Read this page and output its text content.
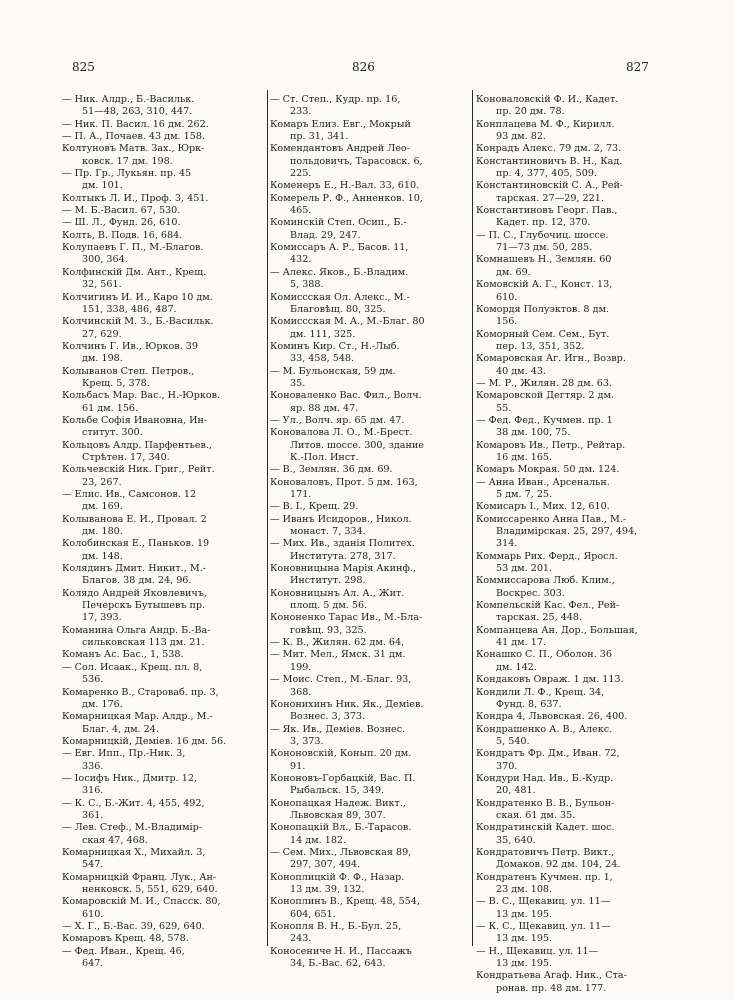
825	826	827
— Ник. Алдр., Б.-Васильк.
51—48, 263, 310, 447.
— Ник. П. Васил. 16 дм. 262.
— П. А., Почаев. 43 дм. 158.
Колтуновъ Матв. Зах., Юрк-
ковск. 17 дм. 198.
— Пр. Гр., Лукьян. пр. 45
дм. 101.
Колтыкъ Л. И., Проф. 3, 451.
— М. Б.-Васил. 67, 530.
— Ш. Л., Фунд. 26, 610.
Колть, В. Подв. 16, 684.
Колупаевъ Г. П., М.-Благов.
300, 364.
Колфинскій Дм. Ант., Крещ.
32, 561.
Колчигинъ И. И., Каро 10 дм.
151, 338, 486, 487.
Колчинскій М. З., Б.-Васильк.
27, 629.
Колчинъ Г. Ив., Юрков. 39
дм. 198.
Колыванов Степ. Петров.,
Крещ. 5, 378.
Кольбасъ Мар. Вас., Н.-Юрков.
61 дм. 156.
Кольбе Софія Ивановна, Ин-
ститут. 300.
Кольцовъ Алдр. Парфентьев.,
Стрѣтен. 17, 340.
Кольчевскій Ник. Григ., Рейт.
23, 267.
— Елис. Ив., Самсонов. 12
дм. 169.
Колыванова Е. И., Провал. 2
дм. 180.
Колобинская Е., Паньков. 19
дм. 148.
Колядинъ Дмит. Никит., М.-
Благов. 38 дм. 24, 96.
Колядо Андрей Яковлевичъ,
Печерскъ Бутышевъ пр.
17, 393.
Команина Ольга Андр. Б.-Ва-
сильковская 113 дм. 21.
Команъ Ас. Бас., 1, 538.
— Сол. Исаак., Крещ. пл. 8,
536.
Комаренко В., Староваб. пр. 3,
дм. 176.
Комарницкая Мар. Алдр., М.-
Благ. 4, дм. 24.
Комарницкій, Деміев. 16 дм. 56.
— Евг. Ипп., Пр.-Ник. 3,
336.
— Іосифъ Ник., Дмитр. 12,
316.
— К. С., Б.-Жит. 4, 455, 492,
361.
— Лев. Стеф., М.-Владимір-
ская 47, 468.
Комарницкая Х., Михайл. 3,
547.
Комарницкій Франц. Лук., Ан-
ненковск. 5, 551, 629, 640.
Комаровскій М. И., Спасск. 80,
610.
— Х. Г., Б.-Вас. 39, 629, 640.
Комаровъ Крещ. 48, 578.
— Фед. Иван., Крещ. 46,
647.
— Ст. Степ., Кудр. пр. 16,
233.
Комаръ Елиз. Евг., Мокрый
пр. 31, 341.
Комендантовъ Андрей Лео-
польдовичъ, Тарасовск. 6,
225.
Коменеръ Е., Н.-Вал. 33, 610.
Комерель Р. Ф., Анненков. 10,
465.
Коминскій Степ. Осип., Б.-
Влад. 29, 247.
Комиссаръ А. Р., Басов. 11,
432.
— Алекс. Яков., Б.-Владим.
5, 388.
Комиссская Ол. Алекс., М.-
Благовѣщ. 80, 325.
Комиссская М. А., М.-Благ. 80
дм. 111, 325.
Коминъ Кир. Ст., Н.-Лыб.
33, 458, 548.
— М. Бульонская, 59 дм.
35.
Коноваленко Вас. Фил., Волч.
яр. 88 дм. 47.
— Ул., Волч. яр. 65 дм. 47.
Коновалова Л. О., М.-Брест.
Литов. шоссе. 300, здание
К.-Пол. Инст.
— В., Землян. 36 дм. 69.
Коноваловъ, Прот. 5 дм. 163,
171.
— В. І., Крещ. 29.
— Иванъ Исидоров., Никол.
монаст. 7, 334.
— Мих. Ив., зданія Политех.
Института. 278, 317.
Коновницына Марія Акинф.,
Институт. 298.
Коновницынъ Ал. А., Жит.
площ. 5 дм. 56.
Кононенко Тарас Ив., М.-Бла-
говѣщ. 93, 325.
— К. В., Жилян. 62 дм. 64,
— Мит. Мел., Ямск. 31 дм.
199.
— Моис. Степ., М.-Благ. 93,
368.
Кононихинъ Ник. Як., Деміев.
Вознес. 3, 373.
— Як. Ив., Деміев. Вознес.
3, 373.
Кононовскій, Конып. 20 дм.
91.
Кононовъ-Горбацкій, Вас. П.
Рыбальск. 15, 349.
Конопацкая Надеж. Викт.,
Львовская 89, 307.
Конопацкій Вл., Б.-Тарасов.
14 дм. 182.
— Сем. Мих., Львовская 89,
297, 307, 494.
Коноплицкій Ф. Ф., Назар.
13 дм. 39, 132.
Коноплинъ В., Крещ. 48, 554,
604, 651.
Конопля В. Н., Б.-Бул. 25,
243.
Коносениче Н. И., Пассажъ
34, Б.-Вас. 62, 643.
Коноваловскій Ф. И., Кадет.
пр. 20 дм. 78.
Конплацева М. Ф., Кирилл.
93 дм. 82.
Конрадъ Алекс. 79 дм. 2, 73.
Константиновичъ В. Н., Кад.
пр. 4, 377, 405, 509.
Константиновскій С. А., Рей-
тарская. 27—29, 221.
Константиновъ Георг. Пав.,
Кадет. пр. 12, 370.
— П. С., Глубочиц. шоссе.
71—73 дм. 50, 285.
Комнашевъ Н., Землян. 60
дм. 69.
Комовскій А. Г., Конст. 13,
610.
Комордя Полуэктов. 8 дм.
156.
Коморный Сем. Сем., Бут.
пер. 13, 351, 352.
Комаровская Аг. Игн., Возвр.
40 дм. 43.
— М. Р., Жилян. 28 дм. 63.
Комаровской Дегтяр. 2 дм.
55.
— Фед. Фед., Кучмен. пр. 1
38 дм. 100, 75.
Комаровъ Ив., Петр., Рейтар.
16 дм. 165.
Комаръ Мокрая. 50 дм. 124.
— Анна Иван., Арсенальн.
5 дм. 7, 25.
Комисаръ І., Мих. 12, 610.
Комиссаренко Анна Пав., М.-
Владимірская. 25, 297, 494,
314.
Коммарь Рих. Ферд., Яросл.
53 дм. 201.
Коммиссарова Люб. Клим.,
Воскрес. 303.
Компельскій Кас. Фел., Рей-
тарская. 25, 448.
Компанцева Ан. Дор., Большая,
41 дм. 17.
Конашко С. П., Оболон. 36
дм. 142.
Кондаковъ Овраж. 1 дм. 113.
Кондили Л. Ф., Крещ. 34,
Фунд. 8, 637.
Кондра 4, Львовская. 26, 400.
Кондрашенко А. В., Алекс.
5, 540.
Кондратъ Фр. Дм., Иван. 72,
370.
Кондури Над. Ив., Б.-Кудр.
20, 481.
Кондратенко В. В., Бульон-
ская. 61 дм. 35.
Кондратинскій Кадет. шос.
35, 640.
Кондратовичъ Петр. Викт.,
Домаков. 92 дм. 104, 24.
Кондратенъ Кучмен. пр. 1,
23 дм. 108.
— В. С., Щекавиц. ул. 11—
13 дм. 195.
— К. С., Щекавиц. ул. 11—
13 дм. 195.
— Н., Щекавиц. ул. 11—
13 дм. 195.
Кондратьева Агаф. Ник., Ста-
ронав. пр. 48 дм. 177.
